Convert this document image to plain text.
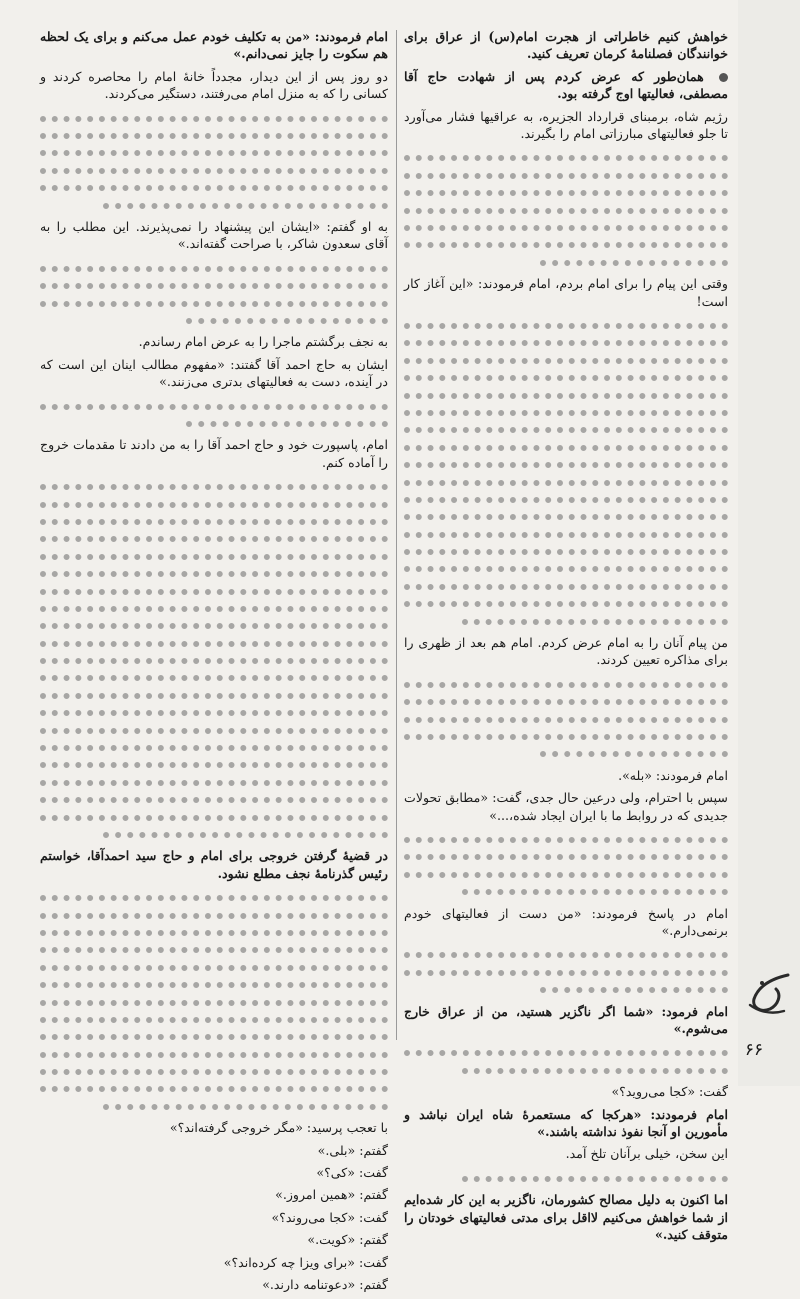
خواهش کنیم خاطراتی از هجرت امام(س) از عراق برای خوانندگان فصلنامهٔ کرمان تعریف کنید.

همان‌طور که عرض کردم پس از شهادت حاج آقا مصطفی، فعالیتها اوج گرفته بود.

رژیم شاه، برمبنای قرارداد الجزیره، به عراقیها فشار می‌آورد تا جلو فعالیتهای مبارزاتی امام را بگیرند.

وقتی این پیام را برای امام بردم، امام فرمودند: «این آغاز کار است!

من پیام آنان را به امام عرض کردم. امام هم بعد از ظهری را برای مذاکره تعیین کردند.

امام فرمودند: «بله».

سپس با احترام، ولی درعین حال جدی، گفت: «مطابق تحولات جدیدی که در روابط ما با ایران ایجاد شده،...»

امام در پاسخ فرمودند: «من دست از فعالیتهای خودم برنمی‌دارم.»

امام فرمود: «شما اگر ناگزیر هستید، من از عراق خارج می‌شوم.»

گفت: «کجا می‌روید؟»

امام فرمودند: «هرکجا که مستعمرهٔ شاه ایران نباشد و مأمورین او آنجا نفوذ نداشته باشند.»

این سخن، خیلی برآنان تلخ آمد.

اما اکنون به دلیل مصالح کشورمان، ناگزیر به این کار شده‌ایم از شما خواهش می‌کنیم لااقل برای مدتی فعالیتهای خودتان را متوقف کنید.»

امام فرمودند: «من به تکلیف خودم عمل می‌کنم و برای یک لحظه هم سکوت را جایز نمی‌دانم.»

دو روز پس از این دیدار، مجدداً خانهٔ امام را محاصره کردند و کسانی را که به منزل امام می‌رفتند، دستگیر می‌کردند.

به او گفتم: «ایشان این پیشنهاد را نمی‌پذیرند. این مطلب را به آقای سعدون شاکر، با صراحت گفته‌اند.»

به نجف برگشتم ماجرا را به عرض امام رساندم.

ایشان به حاج احمد آقا گفتند: «مفهوم مطالب اینان این است که در آینده، دست به فعالیتهای بدتری می‌زنند.»

امام، پاسپورت خود و حاج احمد آقا را به من دادند تا مقدمات خروج را آماده کنم.

در قضیهٔ گرفتن خروجی برای امام و حاج سید احمدآقا، خواستم رئیس گذرنامهٔ نجف مطلع نشود.

با تعجب پرسید: «مگر خروجی گرفته‌اند؟»

گفتم: «بلی.»

گفت: «کی؟»

گفتم: «همین امروز.»

گفت: «کجا می‌روند؟»

گفتم: «کویت.»

گفت: «برای ویزا چه کرده‌اند؟»

گفتم: «دعوتنامه دارند.»

۶۶
